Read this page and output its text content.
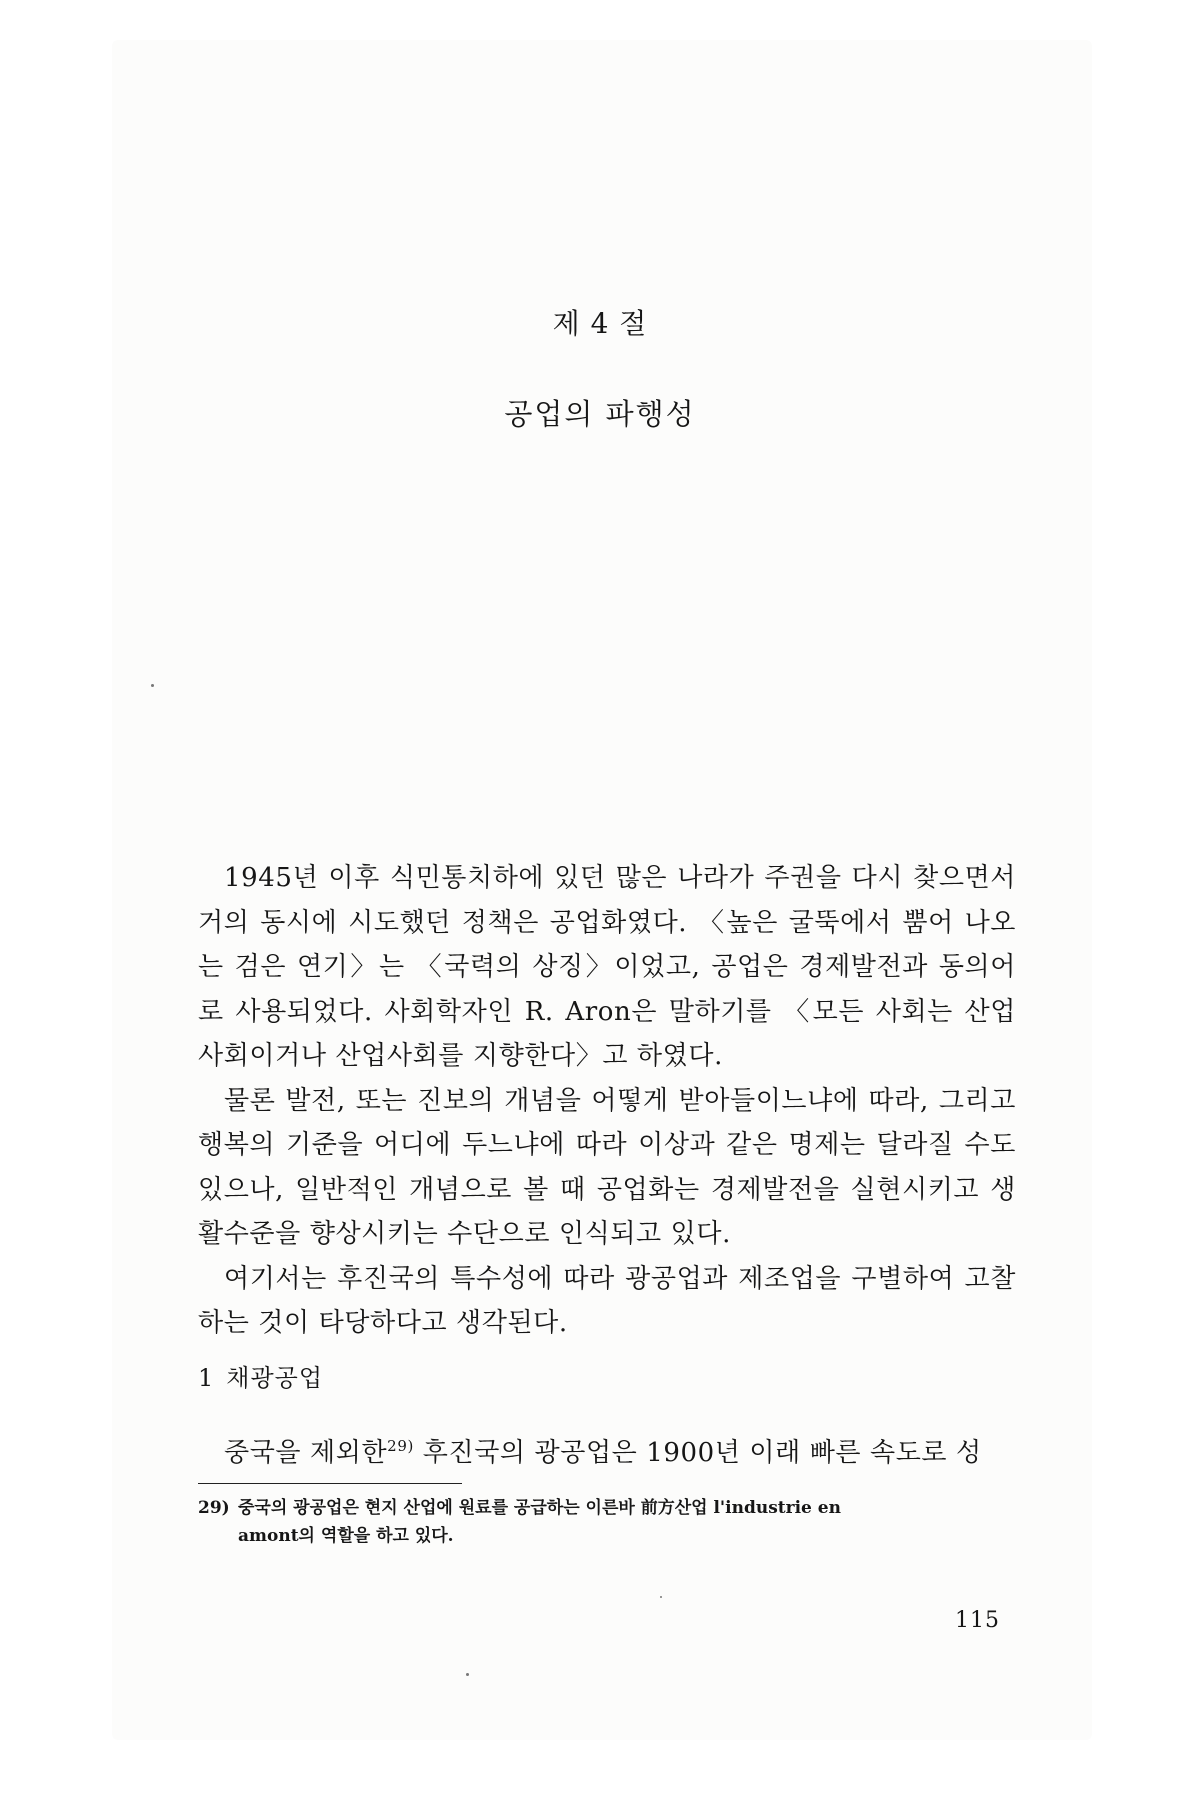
제 4 절
공업의 파행성

1945년 이후 식민통치하에 있던 많은 나라가 주권을 다시 찾으면서 거의 동시에 시도했던 정책은 공업화였다. 〈높은 굴뚝에서 뿜어 나오는 검은 연기〉는 〈국력의 상징〉이었고, 공업은 경제발전과 동의어로 사용되었다. 사회학자인 R. Aron은 말하기를 〈모든 사회는 산업사회이거나 산업사회를 지향한다〉고 하였다.

물론 발전, 또는 진보의 개념을 어떻게 받아들이느냐에 따라, 그리고 행복의 기준을 어디에 두느냐에 따라 이상과 같은 명제는 달라질 수도 있으나, 일반적인 개념으로 볼 때 공업화는 경제발전을 실현시키고 생활수준을 향상시키는 수단으로 인식되고 있다.

여기서는 후진국의 특수성에 따라 광공업과 제조업을 구별하여 고찰하는 것이 타당하다고 생각된다.

1 채광공업
중국을 제외한$^{29)}$ 후진국의 광공업은 1900년 이래 빠른 속도로 성
29) 중국의 광공업은 현지 산업에 원료를 공급하는 이른바 前方산업 l'industrie en
amont의 역할을 하고 있다.
115
